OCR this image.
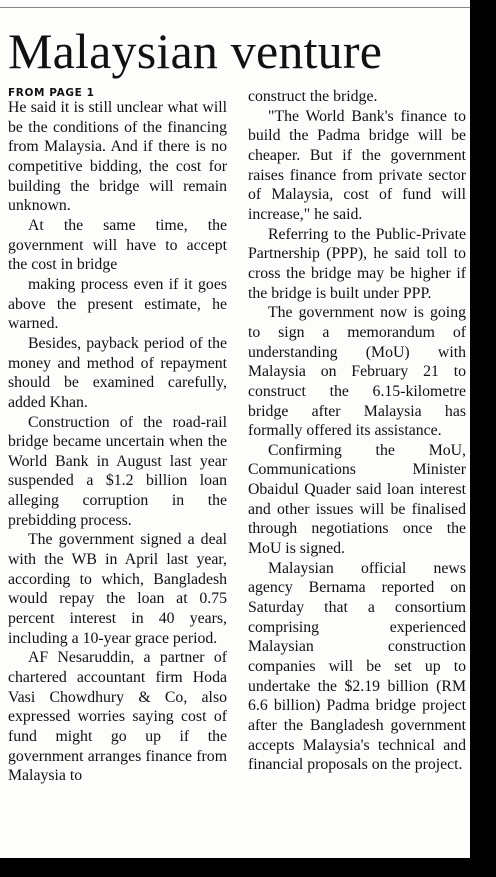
Malaysian venture
FROM PAGE 1

He said it is still unclear what will be the conditions of the financing from Malaysia. And if there is no competitive bidding, the cost for building the bridge will remain unknown.

At the same time, the government will have to accept the cost in bridge

making process even if it goes above the present estimate, he warned.

Besides, payback period of the money and method of repayment should be examined carefully, added Khan.

Construction of the road-rail bridge became uncertain when the World Bank in August last year suspended a $1.2 billion loan alleging corruption in the prebidding process.

The government signed a deal with the WB in April last year, according to which, Bangladesh would repay the loan at 0.75 percent interest in 40 years, including a 10-year grace period.

AF Nesaruddin, a partner of chartered accountant firm Hoda Vasi Chowdhury & Co, also expressed worries saying cost of fund might go up if the government arranges finance from Malaysia to

construct the bridge.

"The World Bank's finance to build the Padma bridge will be cheaper. But if the government raises finance from private sector of Malaysia, cost of fund will increase," he said.

Referring to the Public-Private Partnership (PPP), he said toll to cross the bridge may be higher if the bridge is built under PPP.

The government now is going to sign a memorandum of understanding (MoU) with Malaysia on February 21 to construct the 6.15-kilometre bridge after Malaysia has formally offered its assistance.

Confirming the MoU, Communications Minister Obaidul Quader said loan interest and other issues will be finalised through negotiations once the MoU is signed.

Malaysian official news agency Bernama reported on Saturday that a consortium comprising experienced Malaysian construction companies will be set up to undertake the $2.19 billion (RM 6.6 billion) Padma bridge project after the Bangladesh government accepts Malaysia's technical and financial proposals on the project.
